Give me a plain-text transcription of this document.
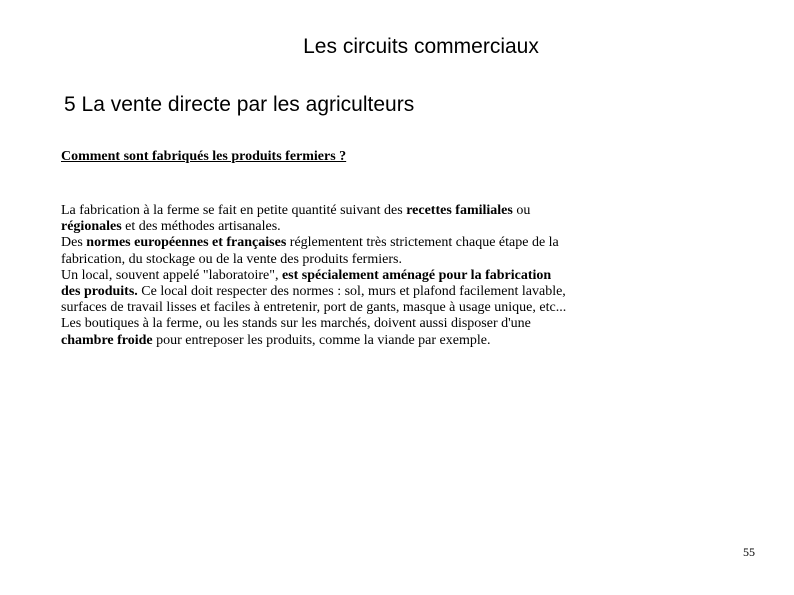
Les circuits commerciaux
5 La vente directe par les agriculteurs
Comment sont fabriqués les produits fermiers ?
La fabrication à la ferme se fait en petite quantité suivant des recettes familiales ou
régionales et des méthodes artisanales.
Des normes européennes et françaises réglementent très strictement chaque étape de la
fabrication, du stockage ou de la vente des produits fermiers.
Un local, souvent appelé "laboratoire", est spécialement aménagé pour la fabrication
des produits. Ce local doit respecter des normes : sol, murs et plafond facilement lavable,
surfaces de travail lisses et faciles à entretenir, port de gants, masque à usage unique, etc...
Les boutiques à la ferme, ou les stands sur les marchés, doivent aussi disposer d'une
chambre froide pour entreposer les produits, comme la viande par exemple.
55
